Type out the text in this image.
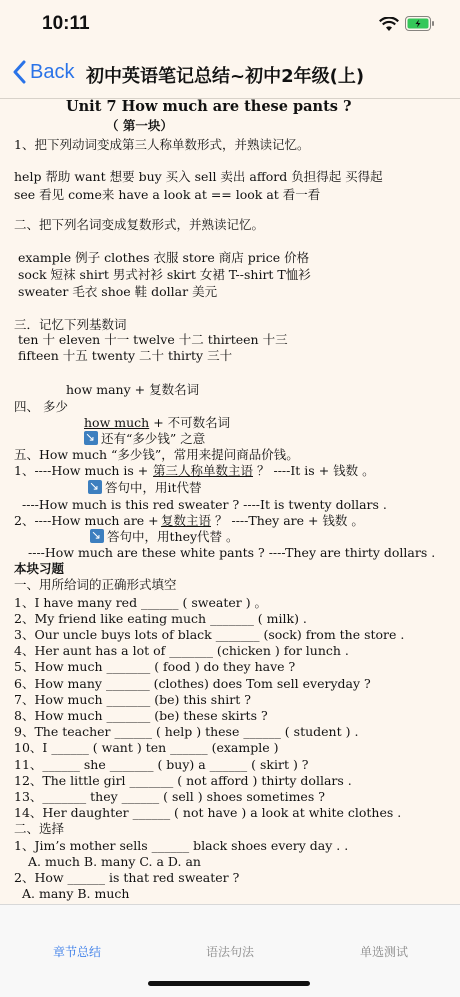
10:11
Back 初中英语笔记总结~初中2年级(上)
Unit 7 How much are these pants ?
（ 第一块）
1、把下列动词变成第三人称单数形式，并熟读记忆。
help 帮助 want 想要 buy 买入 sell 卖出 afford 负担得起 买得起
see 看见 come来 have a look at == look at 看一看
二、把下列名词变成复数形式，并熟读记忆。
example 例子 clothes 衣服 store 商店 price 价格
sock 短袜 shirt 男式衬衫 skirt 女裙 T--shirt T恤衫
sweater 毛衣 shoe 鞋 dollar 美元
三．记忆下列基数词
ten 十 eleven 十一 twelve 十二 thirteen 十三
fifteen 十五 twenty 二十 thirty 三十
how many + 复数名词
四、 多少
五、How much “多少钱”，常用来提问商品价钱。
1、----How much is +
----How much is this red sweater ? ----It is twenty dollars .
2、----How much are +
----How much are these white pants ? ----They are thirty dollars .
本块习题
一、用所给词的正确形式填空
1、I have many red ______ ( sweater ) 。
2、My friend like eating much _______ ( milk) .
3、Our uncle buys lots of black _______ (sock) from the store .
4、Her aunt has a lot of _______ (chicken ) for lunch .
5、How much _______ ( food ) do they have ?
6、How many _______ (clothes) does Tom sell everyday ?
7、How much _______ (be) this shirt ?
8、How much _______ (be) these skirts ?
9、The teacher ______ ( help ) these ______ ( student ) .
10、I ______ ( want ) ten ______ (example )
11、______ she _______ ( buy) a ______ ( skirt ) ?
12、The little girl _______ ( not afford ) thirty dollars .
13、_______ they ______ ( sell ) shoes sometimes ?
14、Her daughter ______ ( not have ) a look at white clothes .
二、选择
1、Jim’s mother sells ______ black shoes every day . .
A. much B. many C. a D. an
2、How ______ is that red sweater ?
A. many B. much
how much + 不可数名词
↘还有“多少钱” 之意
第三人称单数主语 ？ ----It is + 钱数 。
↘答句中，用it代替
复数主语 ？ ----They are + 钱数 。
↘答句中，用they代替 。
章节总结	语法句法	单选测试
